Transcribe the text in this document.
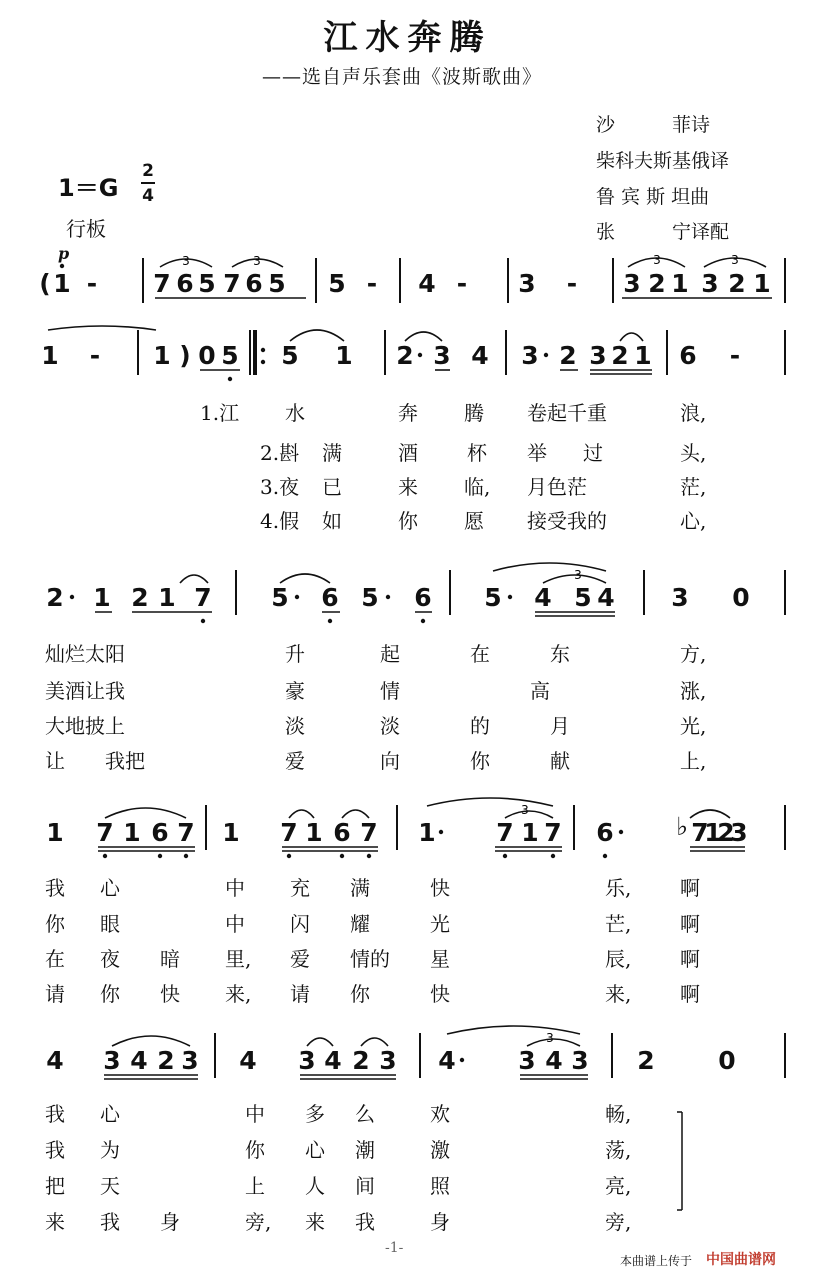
江水奔腾
——选自声乐套曲《波斯歌曲》
沙　　　菲诗
柴科夫斯基俄译
鲁 宾 斯 坦曲
张　　　宁译配
1＝G
2
4
行板
p
( 1 - 7 6 5 7 6 5 5 - 4 - 3 - 3 2 1 3 2 1
1 - 1 ) 0 5 5 1 2 3 4 3 2 3 2 1 6 -
2 1 2 1 7 5 6 5 6 5 4 5 4 3 0
1 7 1 6 7 1 7 1 6 7 1 7 1 7 6 ♭ 7
1
2
3
4 3 4 2 3 4 3 4 2 3 4	3 4 3 2	0
3	3	3	3
3
3
3
1.江 水	奔 腾 卷起千重	浪,
2.斟 满	酒 杯 举 过	头,
3.夜 已	来 临, 月色茫	茫,
4.假 如	你 愿 接受我的	心,
灿烂太阳	升	起	在	东	方,
美酒让我	豪	情	高	涨,
大地披上	淡	淡	的	月	光,
让 我把	爱	向	你	献	上,
我 心	中 充 满	快	乐, 啊
你 眼	中 闪 耀	光	芒, 啊
在 夜 暗 里, 爱 情的 星	辰, 啊
请 你 快 来, 请 你	快	来, 啊
我 心	中 多 么	欢	畅,
我 为	你 心 潮	激	荡,
把 天	上 人 间	照	亮,
来 我 身	旁, 来 我	身	旁,
-1-
本曲谱上传于 中国曲谱网
